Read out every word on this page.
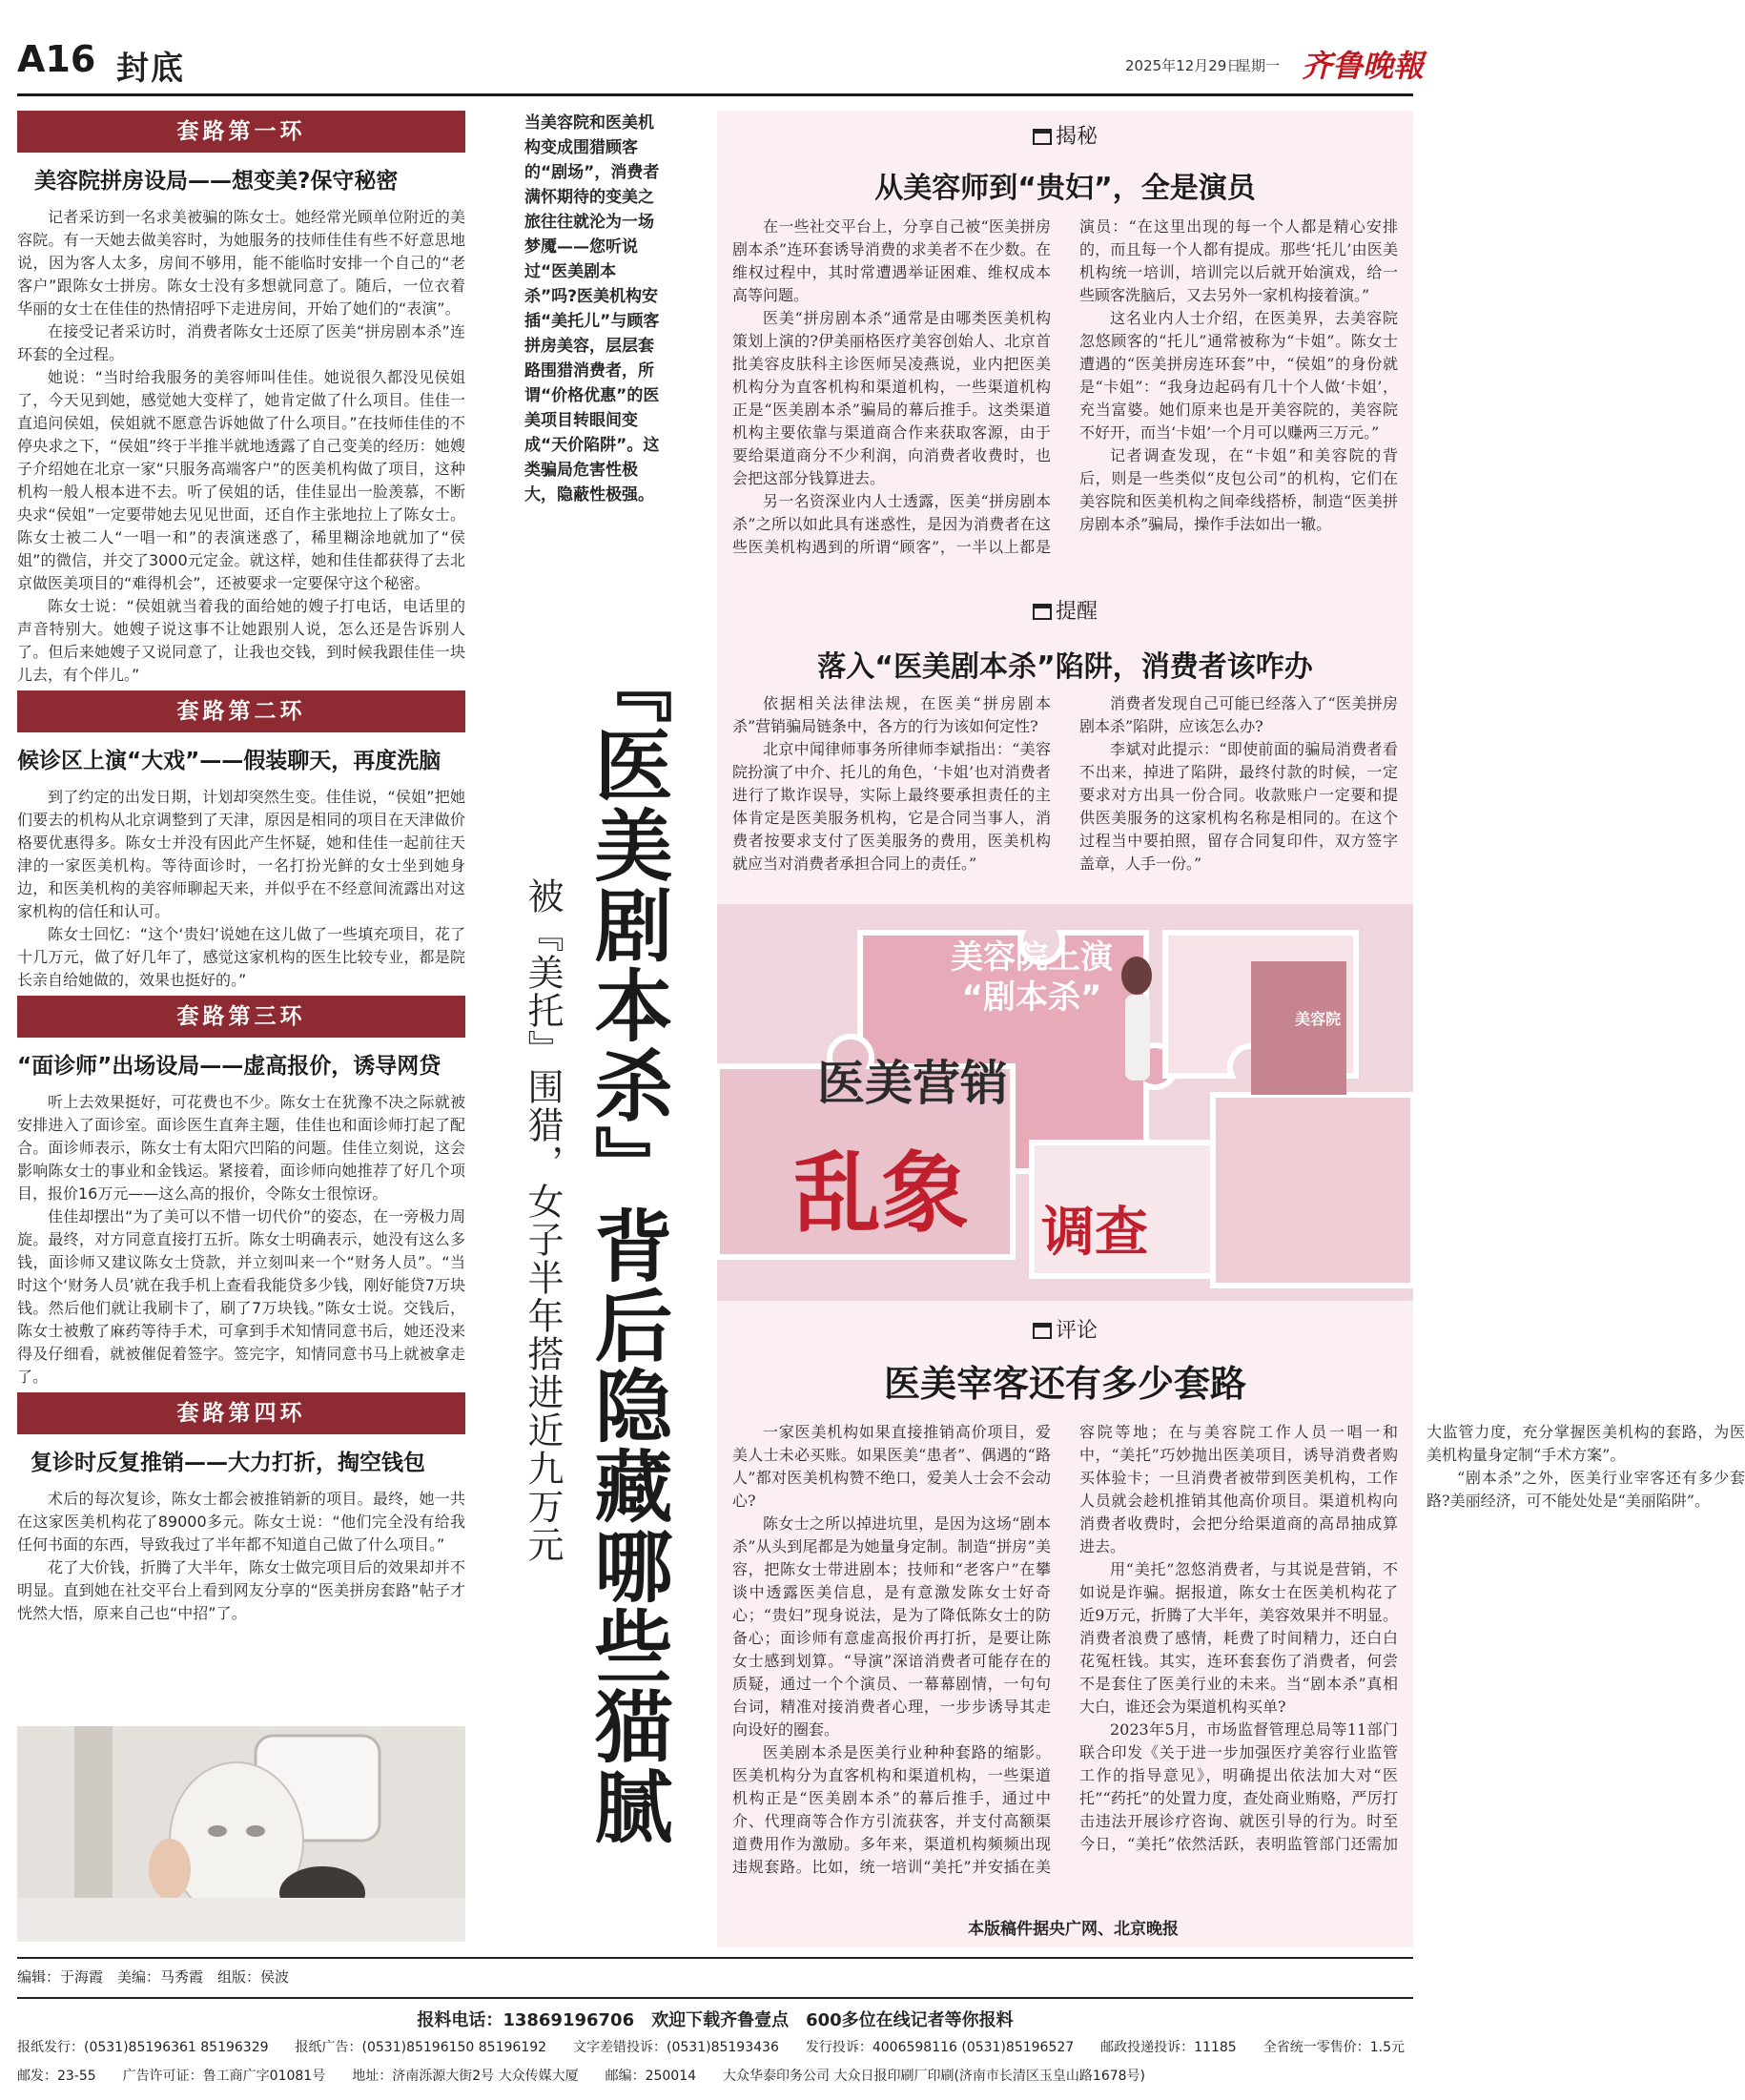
A16 封底	2025年12月29日
星期一 齐鲁晚報
套路第一环
美容院拼房设局——想变美?保守秘密

记者采访到一名求美被骗的陈女士。她经常光顾单位附近的美容院。有一天她去做美容时，为她服务的技师佳佳有些不好意思地说，因为客人太多，房间不够用，能不能临时安排一个自己的“老客户”跟陈女士拼房。陈女士没有多想就同意了。随后，一位衣着华丽的女士在佳佳的热情招呼下走进房间，开始了她们的“表演”。

在接受记者采访时，消费者陈女士还原了医美“拼房剧本杀”连环套的全过程。

她说：“当时给我服务的美容师叫佳佳。她说很久都没见侯姐了，今天见到她，感觉她大变样了，她肯定做了什么项目。佳佳一直追问侯姐，侯姐就不愿意告诉她做了什么项目。”在技师佳佳的不停央求之下，“侯姐”终于半推半就地透露了自己变美的经历：她嫂子介绍她在北京一家“只服务高端客户”的医美机构做了项目，这种机构一般人根本进不去。听了侯姐的话，佳佳显出一脸羡慕，不断央求“侯姐”一定要带她去见见世面，还自作主张地拉上了陈女士。陈女士被二人“一唱一和”的表演迷惑了，稀里糊涂地就加了“侯姐”的微信，并交了3000元定金。就这样，她和佳佳都获得了去北京做医美项目的“难得机会”，还被要求一定要保守这个秘密。

陈女士说：“侯姐就当着我的面给她的嫂子打电话，电话里的声音特别大。她嫂子说这事不让她跟别人说，怎么还是告诉别人了。但后来她嫂子又说同意了，让我也交钱，到时候我跟佳佳一块儿去，有个伴儿。”

套路第二环
候诊区上演“大戏”——假装聊天，再度洗脑

到了约定的出发日期，计划却突然生变。佳佳说，“侯姐”把她们要去的机构从北京调整到了天津，原因是相同的项目在天津做价格要优惠得多。陈女士并没有因此产生怀疑，她和佳佳一起前往天津的一家医美机构。等待面诊时，一名打扮光鲜的女士坐到她身边，和医美机构的美容师聊起天来，并似乎在不经意间流露出对这家机构的信任和认可。

陈女士回忆：“这个‘贵妇’说她在这儿做了一些填充项目，花了十几万元，做了好几年了，感觉这家机构的医生比较专业，都是院长亲自给她做的，效果也挺好的。”

套路第三环
“面诊师”出场设局——虚高报价，诱导网贷

听上去效果挺好，可花费也不少。陈女士在犹豫不决之际就被安排进入了面诊室。面诊医生直奔主题，佳佳也和面诊师打起了配合。面诊师表示，陈女士有太阳穴凹陷的问题。佳佳立刻说，这会影响陈女士的事业和金钱运。紧接着，面诊师向她推荐了好几个项目，报价16万元——这么高的报价，令陈女士很惊讶。

佳佳却摆出“为了美可以不惜一切代价”的姿态，在一旁极力周旋。最终，对方同意直接打五折。陈女士明确表示，她没有这么多钱，面诊师又建议陈女士贷款，并立刻叫来一个“财务人员”。“当时这个‘财务人员’就在我手机上查看我能贷多少钱，刚好能贷7万块钱。然后他们就让我刷卡了，刷了7万块钱。”陈女士说。交钱后，陈女士被敷了麻药等待手术，可拿到手术知情同意书后，她还没来得及仔细看，就被催促着签字。签完字，知情同意书马上就被拿走了。

套路第四环
复诊时反复推销——大力打折，掏空钱包

术后的每次复诊，陈女士都会被推销新的项目。最终，她一共在这家医美机构花了89000多元。陈女士说：“他们完全没有给我任何书面的东西，导致我过了半年都不知道自己做了什么项目。”

花了大价钱，折腾了大半年，陈女士做完项目后的效果却并不明显。直到她在社交平台上看到网友分享的“医美拼房套路”帖子才恍然大悟，原来自己也“中招”了。

当美容院和医美机构变成围猎顾客的“剧场”，消费者满怀期待的变美之旅往往就沦为一场梦魇——您听说过“医美剧本杀”吗?医美机构安插“美托儿”与顾客拼房美容，层层套路围猎消费者，所谓“价格优惠”的医美项目转眼间变成“天价陷阱”。这类骗局危害性极大，隐蔽性极强。
『医美剧本杀』背后隐藏哪些猫腻
被『美托』围猎，女子半年搭进近九万元
揭秘
从美容师到“贵妇”，全是演员

在一些社交平台上，分享自己被“医美拼房剧本杀”连环套诱导消费的求美者不在少数。在维权过程中，其时常遭遇举证困难、维权成本高等问题。

医美“拼房剧本杀”通常是由哪类医美机构策划上演的?伊美丽格医疗美容创始人、北京首批美容皮肤科主诊医师吴凌燕说，业内把医美机构分为直客机构和渠道机构，一些渠道机构正是“医美剧本杀”骗局的幕后推手。这类渠道机构主要依靠与渠道商合作来获取客源，由于要给渠道商分不少利润，向消费者收费时，也会把这部分钱算进去。

另一名资深业内人士透露，医美“拼房剧本杀”之所以如此具有迷惑性，是因为消费者在这些医美机构遇到的所谓“顾客”，一半以上都是演员：“在这里出现的每一个人都是精心安排的，而且每一个人都有提成。那些‘托儿’由医美机构统一培训，培训完以后就开始演戏，给一些顾客洗脑后，又去另外一家机构接着演。”

这名业内人士介绍，在医美界，去美容院忽悠顾客的“托儿”通常被称为“卡姐”。陈女士遭遇的“医美拼房连环套”中，“侯姐”的身份就是“卡姐”：“我身边起码有几十个人做‘卡姐’，充当富婆。她们原来也是开美容院的，美容院不好开，而当‘卡姐’一个月可以赚两三万元。”

记者调查发现，在“卡姐”和美容院的背后，则是一些类似“皮包公司”的机构，它们在美容院和医美机构之间牵线搭桥，制造“医美拼房剧本杀”骗局，操作手法如出一辙。

提醒
落入“医美剧本杀”陷阱，消费者该咋办

依据相关法律法规，在医美“拼房剧本杀”营销骗局链条中，各方的行为该如何定性?

北京中闻律师事务所律师李斌指出：“美容院扮演了中介、托儿的角色，‘卡姐’也对消费者进行了欺诈误导，实际上最终要承担责任的主体肯定是医美服务机构，它是合同当事人，消费者按要求支付了医美服务的费用，医美机构就应当对消费者承担合同上的责任。”

消费者发现自己可能已经落入了“医美拼房剧本杀”陷阱，应该怎么办?

李斌对此提示：“即使前面的骗局消费者看不出来，掉进了陷阱，最终付款的时候，一定要求对方出具一份合同。收款账户一定要和提供医美服务的这家机构名称是相同的。在这个过程当中要拍照，留存合同复印件，双方签字盖章，人手一份。”

美容院上演
“剧本杀”
美容院
医美营销
乱象 调查
评论
医美宰客还有多少套路

一家医美机构如果直接推销高价项目，爱美人士未必买账。如果医美“患者”、偶遇的“路人”都对医美机构赞不绝口，爱美人士会不会动心?

陈女士之所以掉进坑里，是因为这场“剧本杀”从头到尾都是为她量身定制。制造“拼房”美容，把陈女士带进剧本；技师和“老客户”在攀谈中透露医美信息，是有意激发陈女士好奇心；“贵妇”现身说法，是为了降低陈女士的防备心；面诊师有意虚高报价再打折，是要让陈女士感到划算。“导演”深谙消费者可能存在的质疑，通过一个个演员、一幕幕剧情，一句句台词，精准对接消费者心理，一步步诱导其走向设好的圈套。

医美剧本杀是医美行业种种套路的缩影。医美机构分为直客机构和渠道机构，一些渠道机构正是“医美剧本杀”的幕后推手，通过中介、代理商等合作方引流获客，并支付高额渠道费用作为激励。多年来，渠道机构频频出现违规套路。比如，统一培训“美托”并安插在美容院等地；在与美容院工作人员一唱一和中，“美托”巧妙抛出医美项目，诱导消费者购买体验卡；一旦消费者被带到医美机构，工作人员就会趁机推销其他高价项目。渠道机构向消费者收费时，会把分给渠道商的高昂抽成算进去。

用“美托”忽悠消费者，与其说是营销，不如说是诈骗。据报道，陈女士在医美机构花了近9万元，折腾了大半年，美容效果并不明显。消费者浪费了感情，耗费了时间精力，还白白花冤枉钱。其实，连环套套伤了消费者，何尝不是套住了医美行业的未来。当“剧本杀”真相大白，谁还会为渠道机构买单?

2023年5月，市场监督管理总局等11部门联合印发《关于进一步加强医疗美容行业监管工作的指导意见》，明确提出依法加大对“医托”“药托”的处置力度，查处商业贿赂，严厉打击违法开展诊疗咨询、就医引导的行为。时至今日，“美托”依然活跃，表明监管部门还需加大监管力度，充分掌握医美机构的套路，为医美机构量身定制“手术方案”。

“剧本杀”之外，医美行业宰客还有多少套路?美丽经济，可不能处处是“美丽陷阱”。

本版稿件据央广网、北京晚报
编辑：于海霞　美编：马秀霞　组版：侯波
报料电话：13869196706　欢迎下载齐鲁壹点　600多位在线记者等你报料
报纸发行：(0531)85196361 85196329　　报纸广告：(0531)85196150 85196192　　文字差错投诉：(0531)85193436　　发行投诉：4006598116 (0531)85196527　　邮政投递投诉：11185　　全省统一零售价：1.5元
邮发：23-55　　广告许可证：鲁工商广字01081号　　地址：济南泺源大街2号 大众传媒大厦　　邮编：250014　　大众华泰印务公司 大众日报印刷厂印刷(济南市长清区玉皇山路1678号)
